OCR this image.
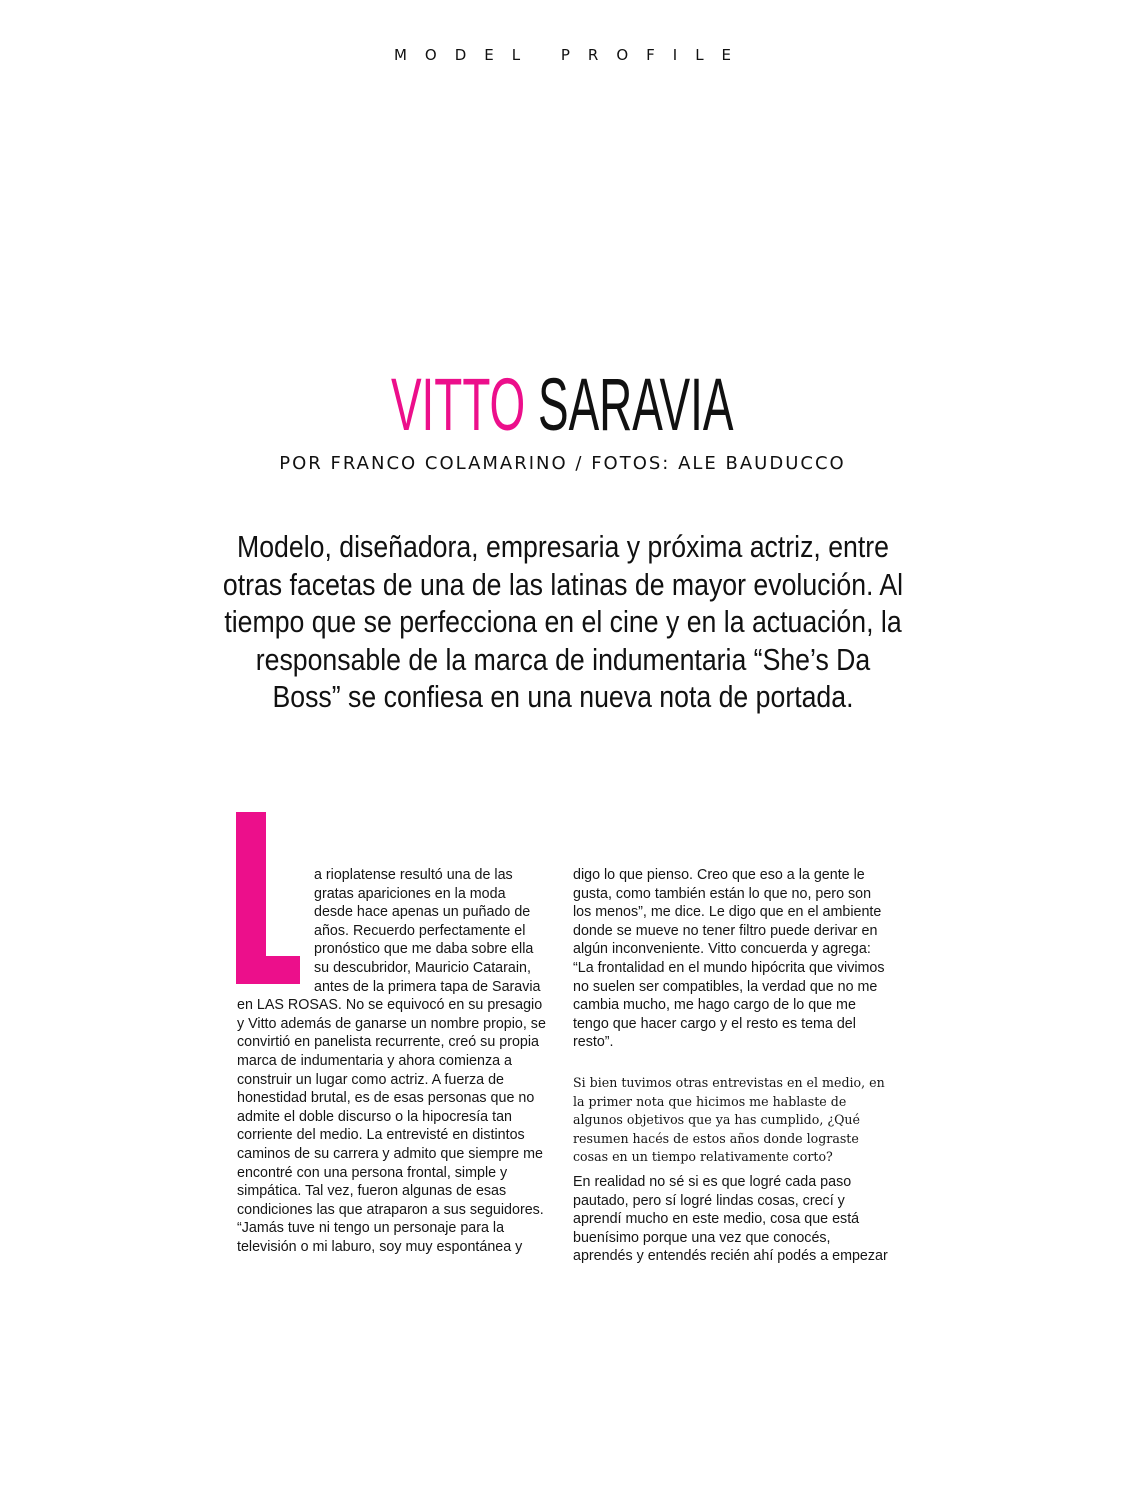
MODEL PROFILE
VITTO SARAVIA
POR FRANCO COLAMARINO / FOTOS: ALE BAUDUCCO
Modelo, diseñadora, empresaria y próxima actriz, entre otras facetas de una de las latinas de mayor evolución. Al tiempo que se perfecciona en el cine y en la actuación, la responsable de la marca de indumentaria “She’s Da Boss” se confiesa en una nueva nota de portada.
a rioplatense resultó una de las
gratas apariciones en la moda
desde hace apenas un puñado de
años. Recuerdo perfectamente el
pronóstico que me daba sobre ella
su descubridor, Mauricio Catarain,
antes de la primera tapa de Saravia

en LAS ROSAS. No se equivocó en su presagio y Vitto además de ganarse un nombre propio, se convirtió en panelista recurrente, creó su propia marca de indumentaria y ahora comienza a construir un lugar como actriz. A fuerza de honestidad brutal, es de esas personas que no admite el doble discurso o la hipocresía tan corriente del medio. La entrevisté en distintos caminos de su carrera y admito que siempre me encontré con una persona frontal, simple y simpática. Tal vez, fueron algunas de esas condiciones las que atraparon a sus seguidores. “Jamás tuve ni tengo un personaje para la televisión o mi laburo, soy muy espontánea y

digo lo que pienso. Creo que eso a la gente le gusta, como también están lo que no, pero son los menos”, me dice. Le digo que en el ambiente donde se mueve no tener filtro puede derivar en algún inconveniente. Vitto concuerda y agrega: “La frontalidad en el mundo hipócrita que vivimos no suelen ser compatibles, la verdad que no me cambia mucho, me hago cargo de lo que me tengo que hacer cargo y el resto es tema del resto”.

Si bien tuvimos otras entrevistas en el medio, en la primer nota que hicimos me hablaste de algunos objetivos que ya has cumplido, ¿Qué resumen hacés de estos años donde lograste cosas en un tiempo relativamente corto?

En realidad no sé si es que logré cada paso pautado, pero sí logré lindas cosas, crecí y aprendí mucho en este medio, cosa que está buenísimo porque una vez que conocés, aprendés y entendés recién ahí podés a empezar
